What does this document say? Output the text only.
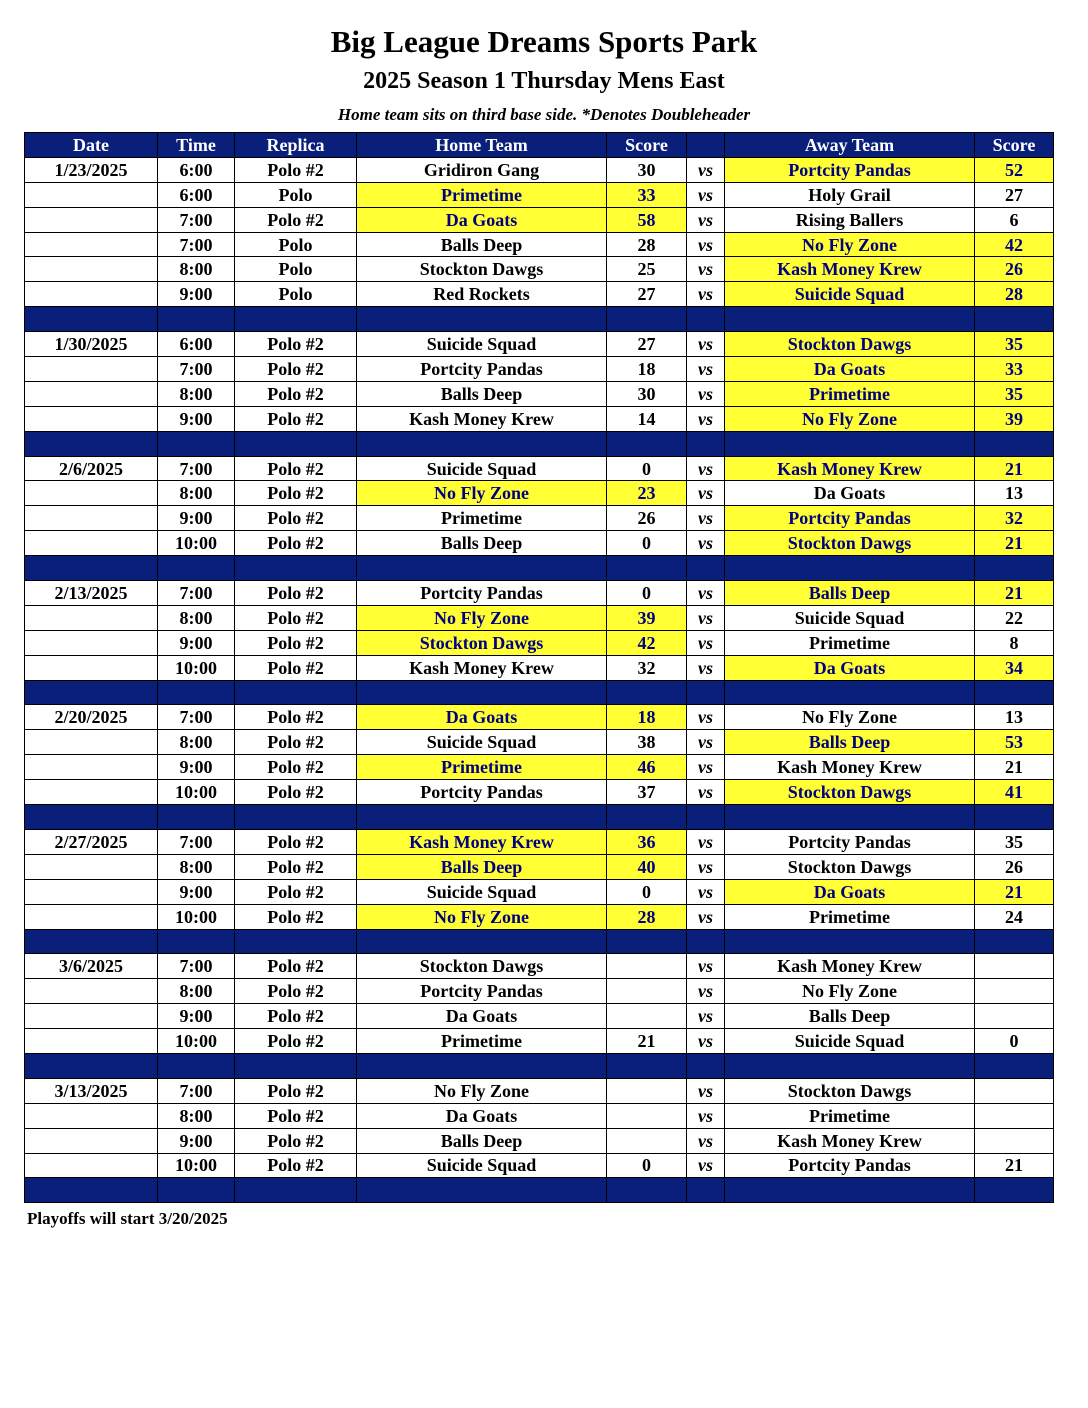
Big League Dreams Sports Park
2025 Season 1 Thursday Mens East
Home team sits on third base side. *Denotes Doubleheader
Date	Time	Replica	Home Team	Score		Away Team	Score
1/23/2025	6:00	Polo #2	Gridiron Gang	30	vs	Portcity Pandas	52
	6:00	Polo	Primetime	33	vs	Holy Grail	27
	7:00	Polo #2	Da Goats	58	vs	Rising Ballers	6
	7:00	Polo	Balls Deep	28	vs	No Fly Zone	42
	8:00	Polo	Stockton Dawgs	25	vs	Kash Money Krew	26
	9:00	Polo	Red Rockets	27	vs	Suicide Squad	28

1/30/2025	6:00	Polo #2	Suicide Squad	27	vs	Stockton Dawgs	35
	7:00	Polo #2	Portcity Pandas	18	vs	Da Goats	33
	8:00	Polo #2	Balls Deep	30	vs	Primetime	35
	9:00	Polo #2	Kash Money Krew	14	vs	No Fly Zone	39

2/6/2025	7:00	Polo #2	Suicide Squad	0	vs	Kash Money Krew	21
	8:00	Polo #2	No Fly Zone	23	vs	Da Goats	13
	9:00	Polo #2	Primetime	26	vs	Portcity Pandas	32
	10:00	Polo #2	Balls Deep	0	vs	Stockton Dawgs	21

2/13/2025	7:00	Polo #2	Portcity Pandas	0	vs	Balls Deep	21
	8:00	Polo #2	No Fly Zone	39	vs	Suicide Squad	22
	9:00	Polo #2	Stockton Dawgs	42	vs	Primetime	8
	10:00	Polo #2	Kash Money Krew	32	vs	Da Goats	34

2/20/2025	7:00	Polo #2	Da Goats	18	vs	No Fly Zone	13
	8:00	Polo #2	Suicide Squad	38	vs	Balls Deep	53
	9:00	Polo #2	Primetime	46	vs	Kash Money Krew	21
	10:00	Polo #2	Portcity Pandas	37	vs	Stockton Dawgs	41

2/27/2025	7:00	Polo #2	Kash Money Krew	36	vs	Portcity Pandas	35
	8:00	Polo #2	Balls Deep	40	vs	Stockton Dawgs	26
	9:00	Polo #2	Suicide Squad	0	vs	Da Goats	21
	10:00	Polo #2	No Fly Zone	28	vs	Primetime	24

3/6/2025	7:00	Polo #2	Stockton Dawgs		vs	Kash Money Krew	
	8:00	Polo #2	Portcity Pandas		vs	No Fly Zone	
	9:00	Polo #2	Da Goats		vs	Balls Deep	
	10:00	Polo #2	Primetime	21	vs	Suicide Squad	0

3/13/2025	7:00	Polo #2	No Fly Zone		vs	Stockton Dawgs	
	8:00	Polo #2	Da Goats		vs	Primetime	
	9:00	Polo #2	Balls Deep		vs	Kash Money Krew	
	10:00	Polo #2	Suicide Squad	0	vs	Portcity Pandas	21

Playoffs will start 3/20/2025
